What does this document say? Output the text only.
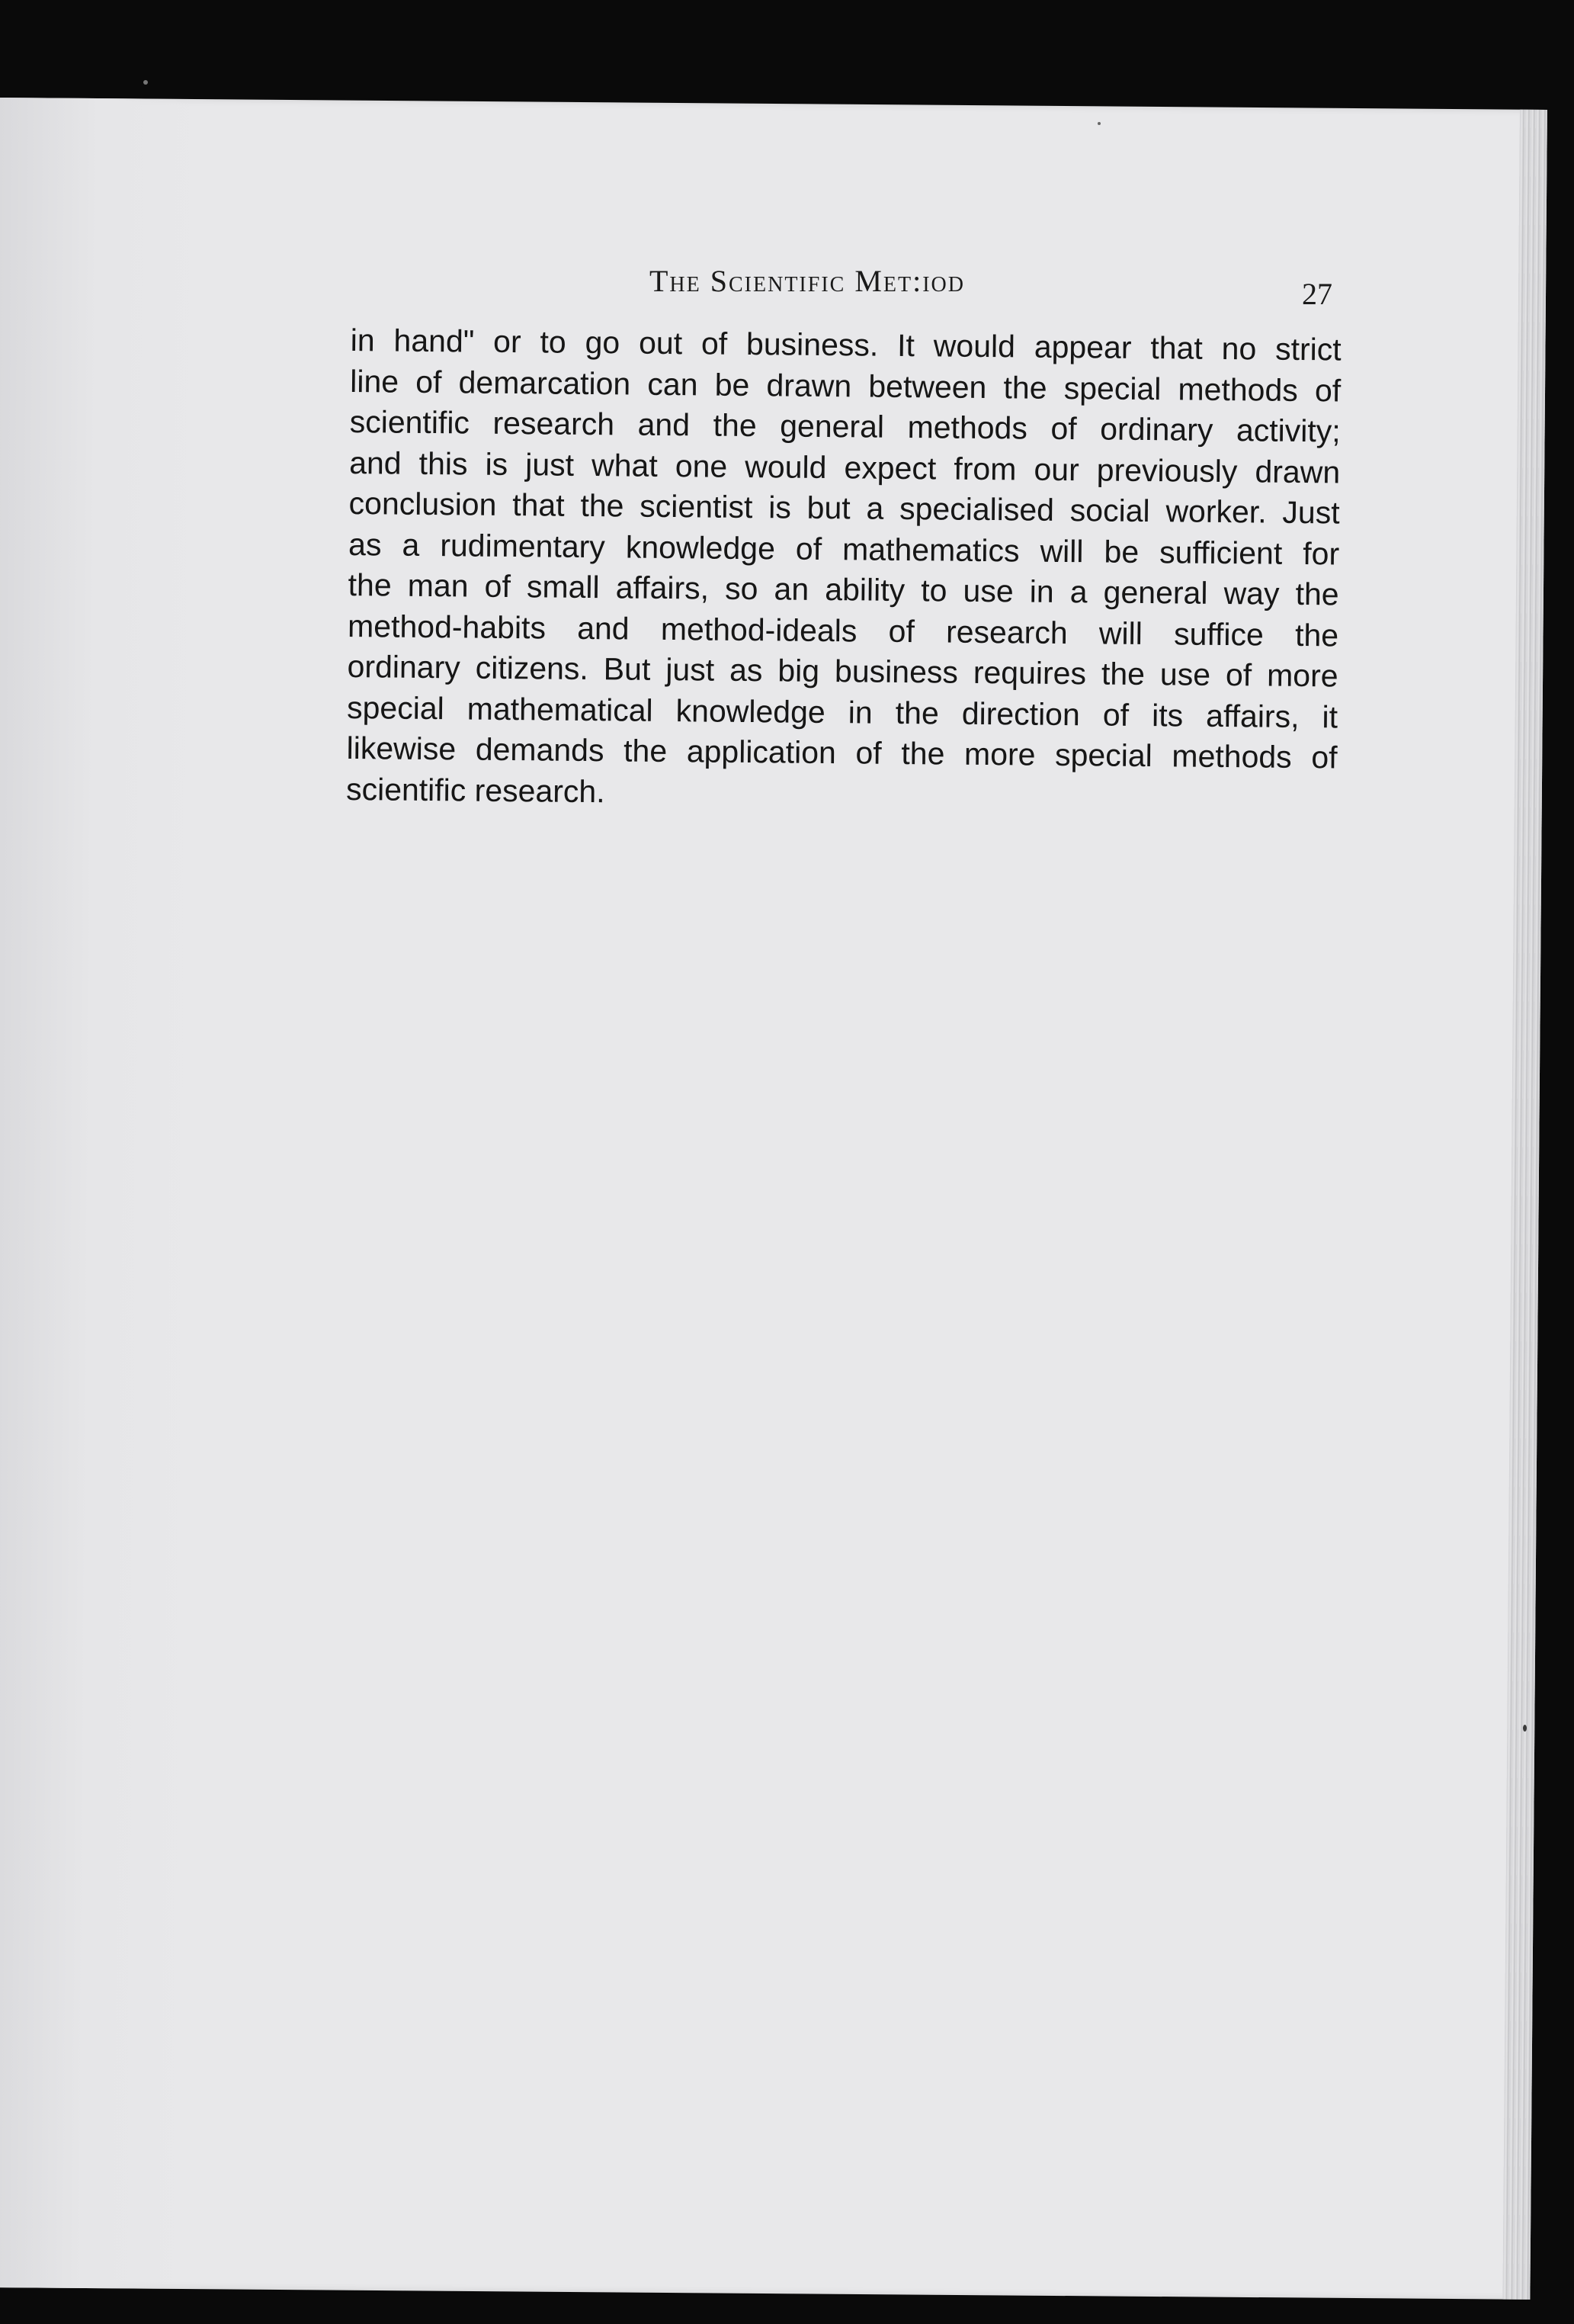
The Scientific Met:iod	27
in hand" or to go out of business. It would appear that no strict
line of demarcation can be drawn between the special methods of
scientific research and the general methods of ordinary activity;
and this is just what one would expect from our previously drawn
conclusion that the scientist is but a specialised social worker. Just
as a rudimentary knowledge of mathematics will be sufficient for
the man of small affairs, so an ability to use in a general way the
method-habits and method-ideals of research will suffice the
ordinary citizens. But just as big business requires the use of more
special mathematical knowledge in the direction of its affairs, it
likewise demands the application of the more special methods of
scientific research.
